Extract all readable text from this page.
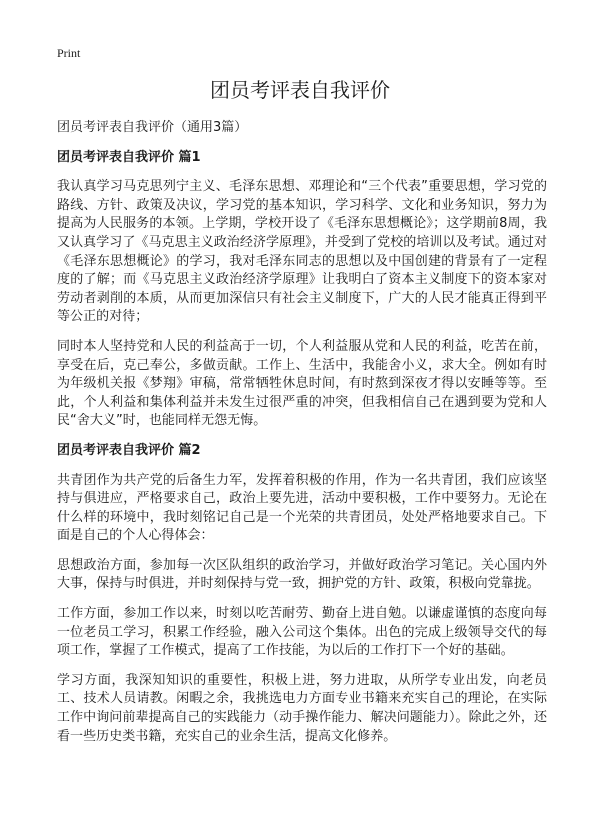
Print
团员考评表自我评价

团员考评表自我评价（通用3篇）

团员考评表自我评价 篇1

我认真学习马克思列宁主义、毛泽东思想、邓理论和“三个代表”重要思想，学习党的路线、方针、政策及决议，学习党的基本知识，学习科学、文化和业务知识，努力为提高为人民服务的本领。上学期，学校开设了《毛泽东思想概论》；这学期前8周，我又认真学习了《马克思主义政治经济学原理》，并受到了党校的培训以及考试。通过对《毛泽东思想概论》的学习，我对毛泽东同志的思想以及中国创建的背景有了一定程度的了解；而《马克思主义政治经济学原理》让我明白了资本主义制度下的资本家对劳动者剥削的本质，从而更加深信只有社会主义制度下，广大的人民才能真正得到平等公正的对待；

同时本人坚持党和人民的利益高于一切，个人利益服从党和人民的利益，吃苦在前，享受在后，克己奉公，多做贡献。工作上、生活中，我能舍小义，求大全。例如有时为年级机关报《梦翔》审稿，常常牺牲休息时间，有时熬到深夜才得以安睡等等。至此，个人利益和集体利益并未发生过很严重的冲突，但我相信自己在遇到要为党和人民“舍大义”时，也能同样无怨无悔。

团员考评表自我评价 篇2

共青团作为共产党的后备生力军，发挥着积极的作用，作为一名共青团，我们应该坚持与俱进应，严格要求自己，政治上要先进，活动中要积极，工作中要努力。无论在什么样的环境中，我时刻铭记自己是一个光荣的共青团员，处处严格地要求自己。下面是自己的个人心得体会：

思想政治方面，参加每一次区队组织的政治学习，并做好政治学习笔记。关心国内外大事，保持与时俱进，并时刻保持与党一致，拥护党的方针、政策，积极向党靠拢。

工作方面，参加工作以来，时刻以吃苦耐劳、勤奋上进自勉。以谦虚谨慎的态度向每一位老员工学习，积累工作经验，融入公司这个集体。出色的完成上级领导交代的每项工作，掌握了工作模式，提高了工作技能，为以后的工作打下一个好的基础。

学习方面，我深知知识的重要性，积极上进，努力进取，从所学专业出发，向老员工、技术人员请教。闲暇之余，我挑选电力方面专业书籍来充实自己的理论，在实际工作中询问前辈提高自己的实践能力（动手操作能力、解决问题能力）。除此之外，还看一些历史类书籍，充实自己的业余生活，提高文化修养。
